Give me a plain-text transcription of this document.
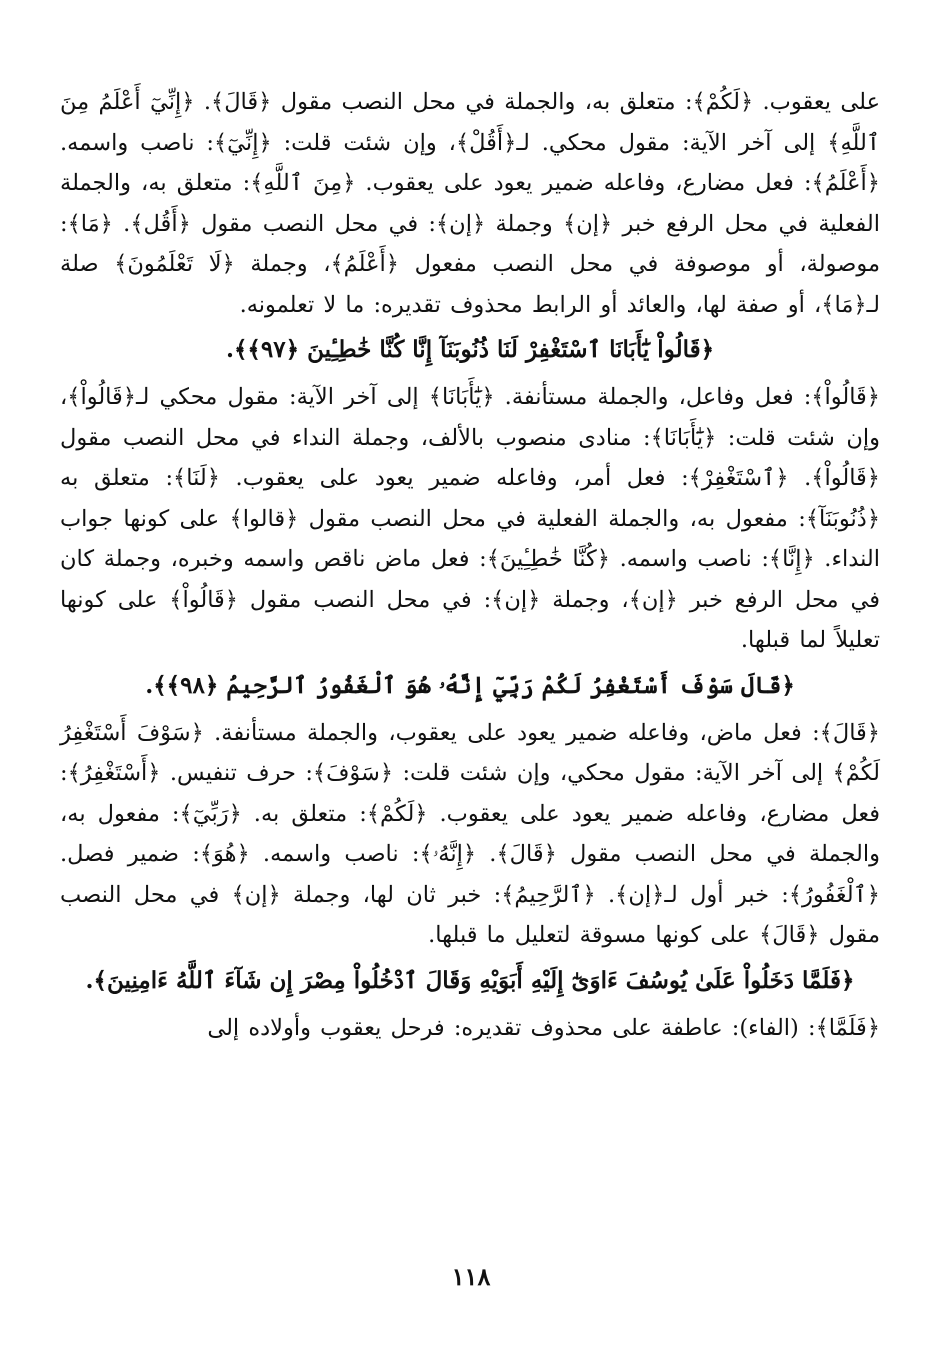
على يعقوب. ﴿لَكُمْ﴾: متعلق به، والجملة في محل النصب مقول ﴿قَالَ﴾. ﴿إِنِّيٓ أَعْلَمُ مِنَ ٱللَّهِ﴾ إلى آخر الآية: مقول محكي. لـ﴿أَقُلْ﴾، وإن شئت قلت: ﴿إِنِّيٓ﴾: ناصب واسمه. ﴿أَعْلَمُ﴾: فعل مضارع، وفاعله ضمير يعود على يعقوب. ﴿مِنَ ٱللَّهِ﴾: متعلق به، والجملة الفعلية في محل الرفع خبر ﴿إن﴾ وجملة ﴿إن﴾: في محل النصب مقول ﴿أَقُل﴾. ﴿مَا﴾: موصولة، أو موصوفة في محل النصب مفعول ﴿أَعْلَمُ﴾، وجملة ﴿لَا تَعْلَمُونَ﴾ صلة لـ﴿مَا﴾، أو صفة لها، والعائد أو الرابط محذوف تقديره: ما لا تعلمونه.

﴿قَالُواْ يَٰٓأَبَانَا ٱسْتَغْفِرْ لَنَا ذُنُوبَنَآ إِنَّا كُنَّا خَٰطِـِٔينَ ﴿٩٧﴾﴾.

﴿قَالُواْ﴾: فعل وفاعل، والجملة مستأنفة. ﴿يَٰٓأَبَانَا﴾ إلى آخر الآية: مقول محكي لـ﴿قَالُواْ﴾، وإن شئت قلت: ﴿يَٰٓأَبَانَا﴾: منادى منصوب بالألف، وجملة النداء في محل النصب مقول ﴿قَالُواْ﴾. ﴿ٱسْتَغْفِرْ﴾: فعل أمر، وفاعله ضمير يعود على يعقوب. ﴿لَنَا﴾: متعلق به ﴿ذُنُوبَنَآ﴾: مفعول به، والجملة الفعلية في محل النصب مقول ﴿قالوا﴾ على كونها جواب النداء. ﴿إِنَّا﴾: ناصب واسمه. ﴿كُنَّا خَٰطِـِٔينَ﴾: فعل ماض ناقص واسمه وخبره، وجملة كان في محل الرفع خبر ﴿إن﴾، وجملة ﴿إن﴾: في محل النصب مقول ﴿قَالُواْ﴾ على كونها تعليلاً لما قبلها.

﴿قَالَ سَوْفَ أَسْتَغْفِرُ لَكُمْ رَبِّيٓ إِنَّهُۥ هُوَ ٱلْغَفُورُ ٱلرَّحِيمُ ﴿٩٨﴾﴾.

﴿قَالَ﴾: فعل ماض، وفاعله ضمير يعود على يعقوب، والجملة مستأنفة. ﴿سَوْفَ أَسْتَغْفِرُ لَكُمْ﴾ إلى آخر الآية: مقول محكي، وإن شئت قلت: ﴿سَوْفَ﴾: حرف تنفيس. ﴿أَسْتَغْفِرُ﴾: فعل مضارع، وفاعله ضمير يعود على يعقوب. ﴿لَكُمْ﴾: متعلق به. ﴿رَبِّيٓ﴾: مفعول به، والجملة في محل النصب مقول ﴿قَالَ﴾. ﴿إِنَّهُۥ﴾: ناصب واسمه. ﴿هُوَ﴾: ضمير فصل. ﴿ٱلْغَفُورُ﴾: خبر أول لـ﴿إن﴾. ﴿ٱلرَّحِيمُ﴾: خبر ثان لها، وجملة ﴿إن﴾ في محل النصب مقول ﴿قَالَ﴾ على كونها مسوقة لتعليل ما قبلها.

﴿فَلَمَّا دَخَلُواْ عَلَىٰ يُوسُفَ ءَاوَىٰٓ إِلَيْهِ أَبَوَيْهِ وَقَالَ ٱدْخُلُواْ مِصْرَ إِن شَآءَ ٱللَّهُ ءَامِنِينَ﴾.

﴿فَلَمَّا﴾: (الفاء): عاطفة على محذوف تقديره: فرحل يعقوب وأولاده إلى

١١٨
